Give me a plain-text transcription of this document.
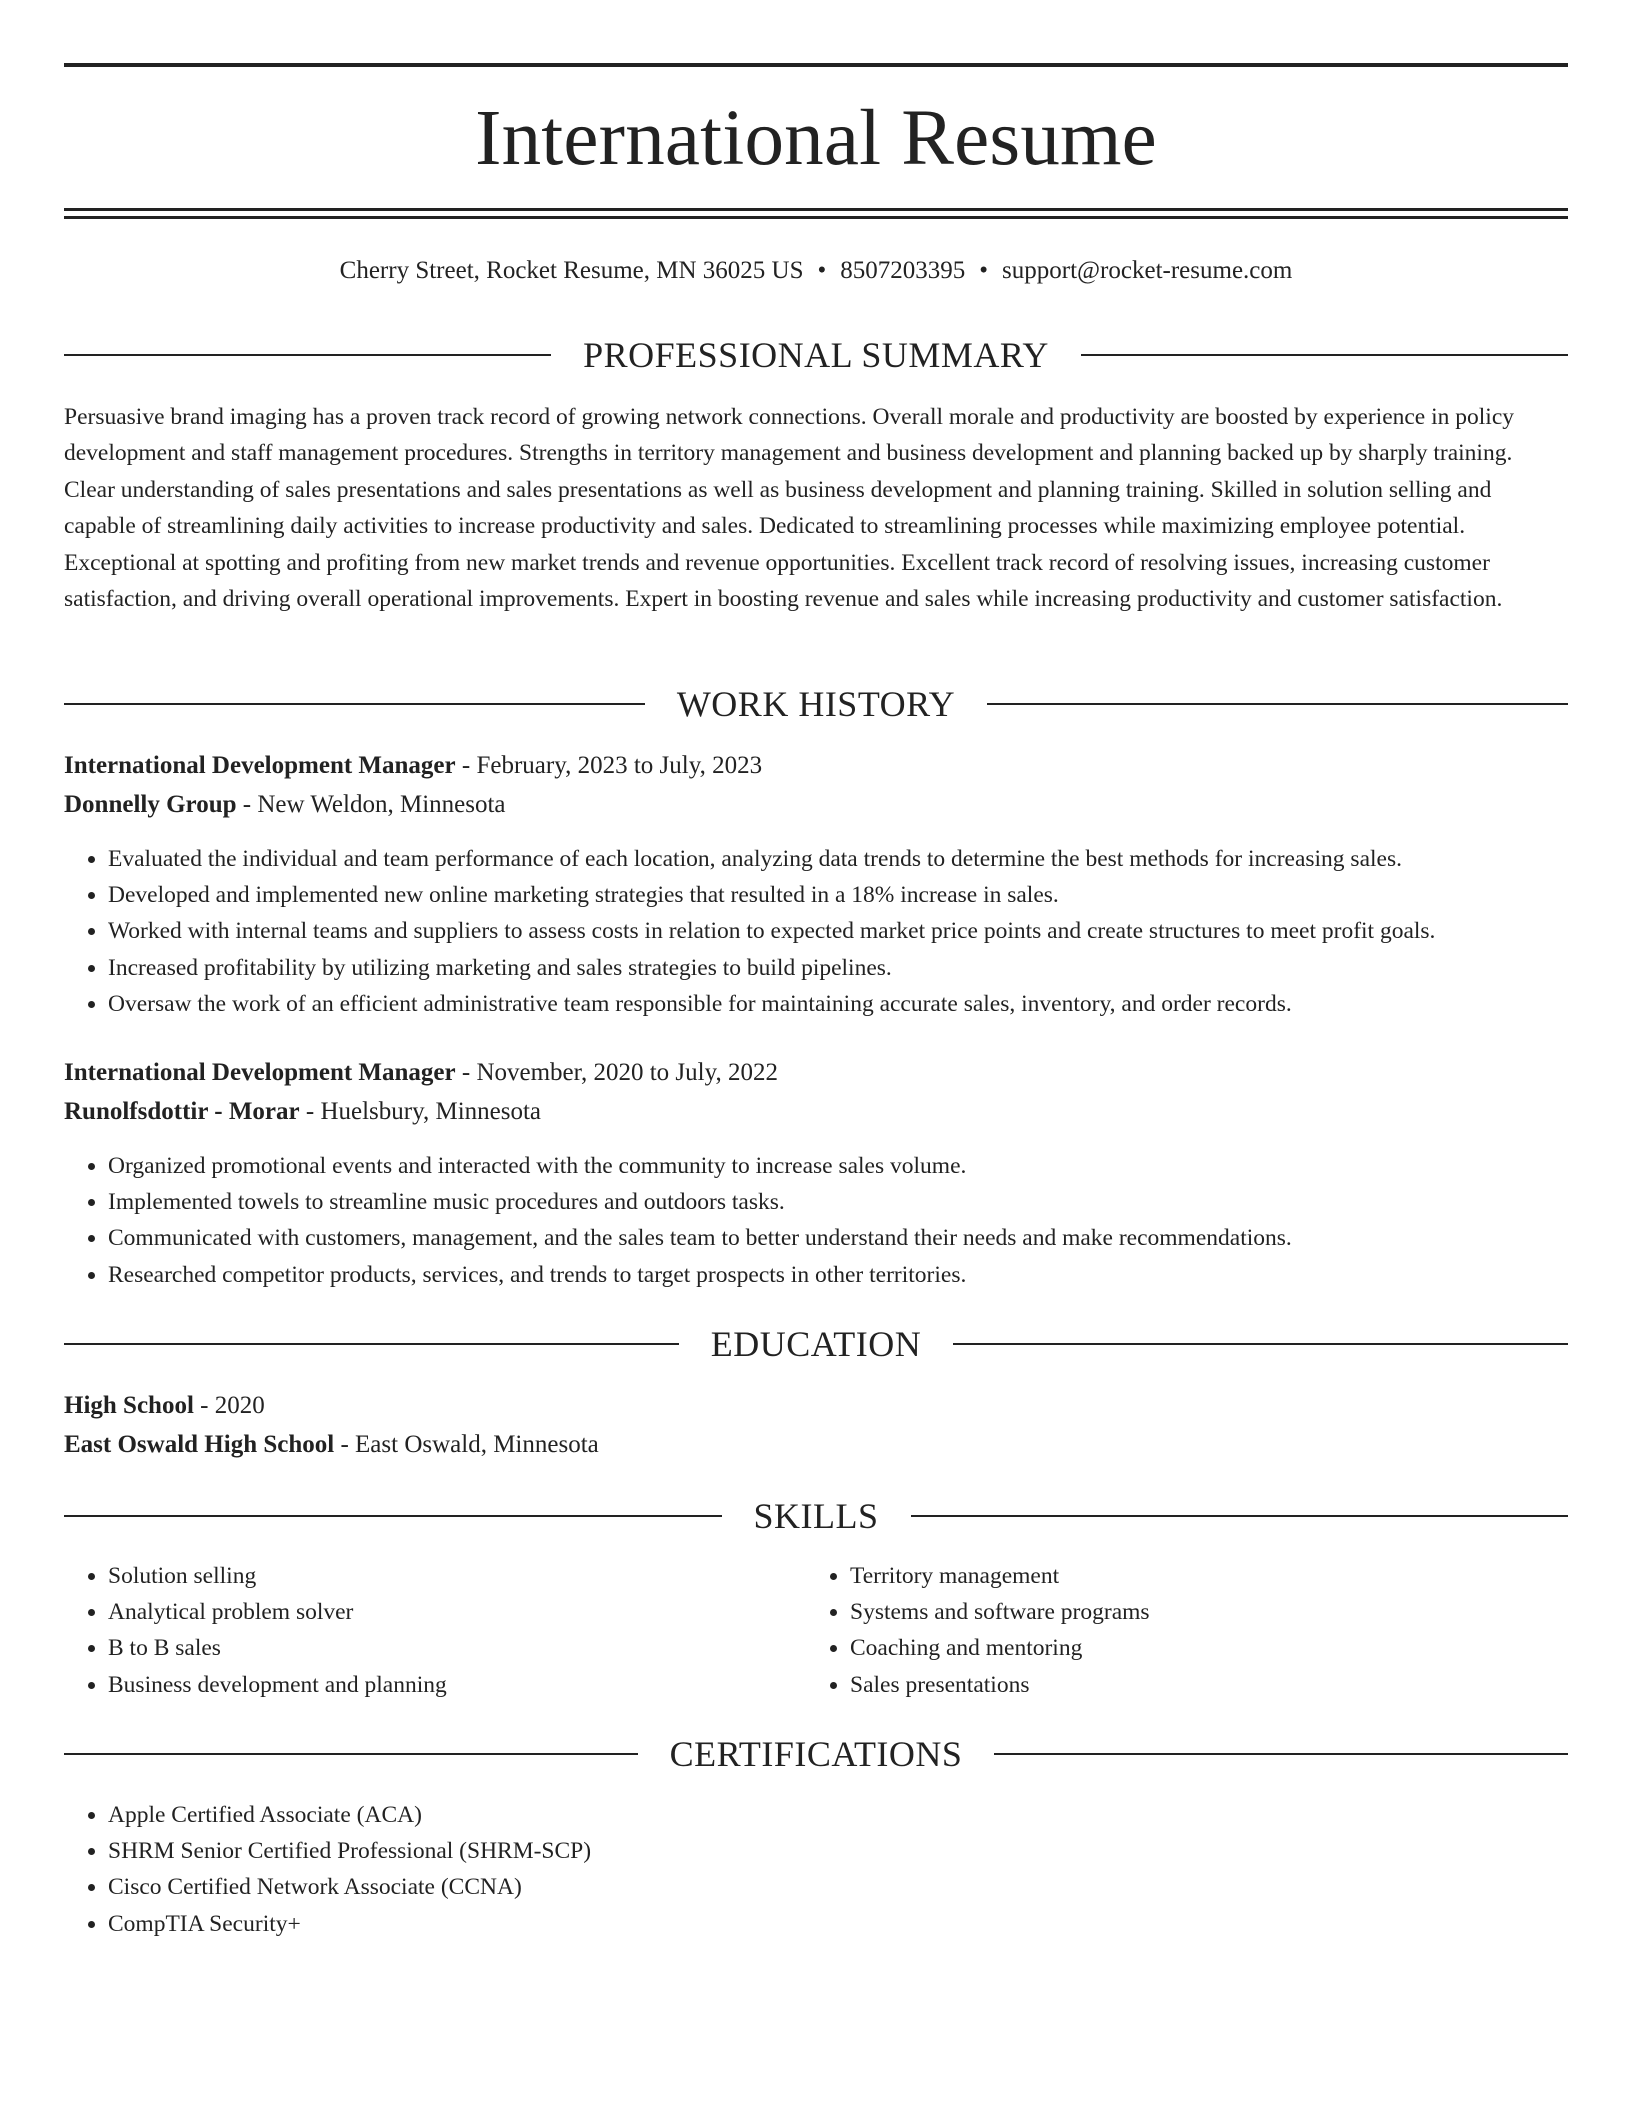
International Resume
Cherry Street, Rocket Resume, MN 36025 US • 8507203395 • support@rocket-resume.com
PROFESSIONAL SUMMARY

Persuasive brand imaging has a proven track record of growing network connections. Overall morale and productivity are boosted by experience in policy development and staff management procedures. Strengths in territory management and business development and planning backed up by sharply training. Clear understanding of sales presentations and sales presentations as well as business development and planning training. Skilled in solution selling and capable of streamlining daily activities to increase productivity and sales. Dedicated to streamlining processes while maximizing employee potential. Exceptional at spotting and profiting from new market trends and revenue opportunities. Excellent track record of resolving issues, increasing customer satisfaction, and driving overall operational improvements. Expert in boosting revenue and sales while increasing productivity and customer satisfaction.

WORK HISTORY
International Development Manager - February, 2023 to July, 2023
Donnelly Group - New Weldon, Minnesota
• Evaluated the individual and team performance of each location, analyzing data trends to determine the best methods for increasing sales.
• Developed and implemented new online marketing strategies that resulted in a 18% increase in sales.
• Worked with internal teams and suppliers to assess costs in relation to expected market price points and create structures to meet profit goals.
• Increased profitability by utilizing marketing and sales strategies to build pipelines.
• Oversaw the work of an efficient administrative team responsible for maintaining accurate sales, inventory, and order records.
International Development Manager - November, 2020 to July, 2022
Runolfsdottir - Morar - Huelsbury, Minnesota
• Organized promotional events and interacted with the community to increase sales volume.
• Implemented towels to streamline music procedures and outdoors tasks.
• Communicated with customers, management, and the sales team to better understand their needs and make recommendations.
• Researched competitor products, services, and trends to target prospects in other territories.
EDUCATION
High School - 2020
East Oswald High School - East Oswald, Minnesota
SKILLS
• Solution selling
• Analytical problem solver
• B to B sales
• Business development and planning
• Territory management
• Systems and software programs
• Coaching and mentoring
• Sales presentations
CERTIFICATIONS
• Apple Certified Associate (ACA)
• SHRM Senior Certified Professional (SHRM-SCP)
• Cisco Certified Network Associate (CCNA)
• CompTIA Security+
